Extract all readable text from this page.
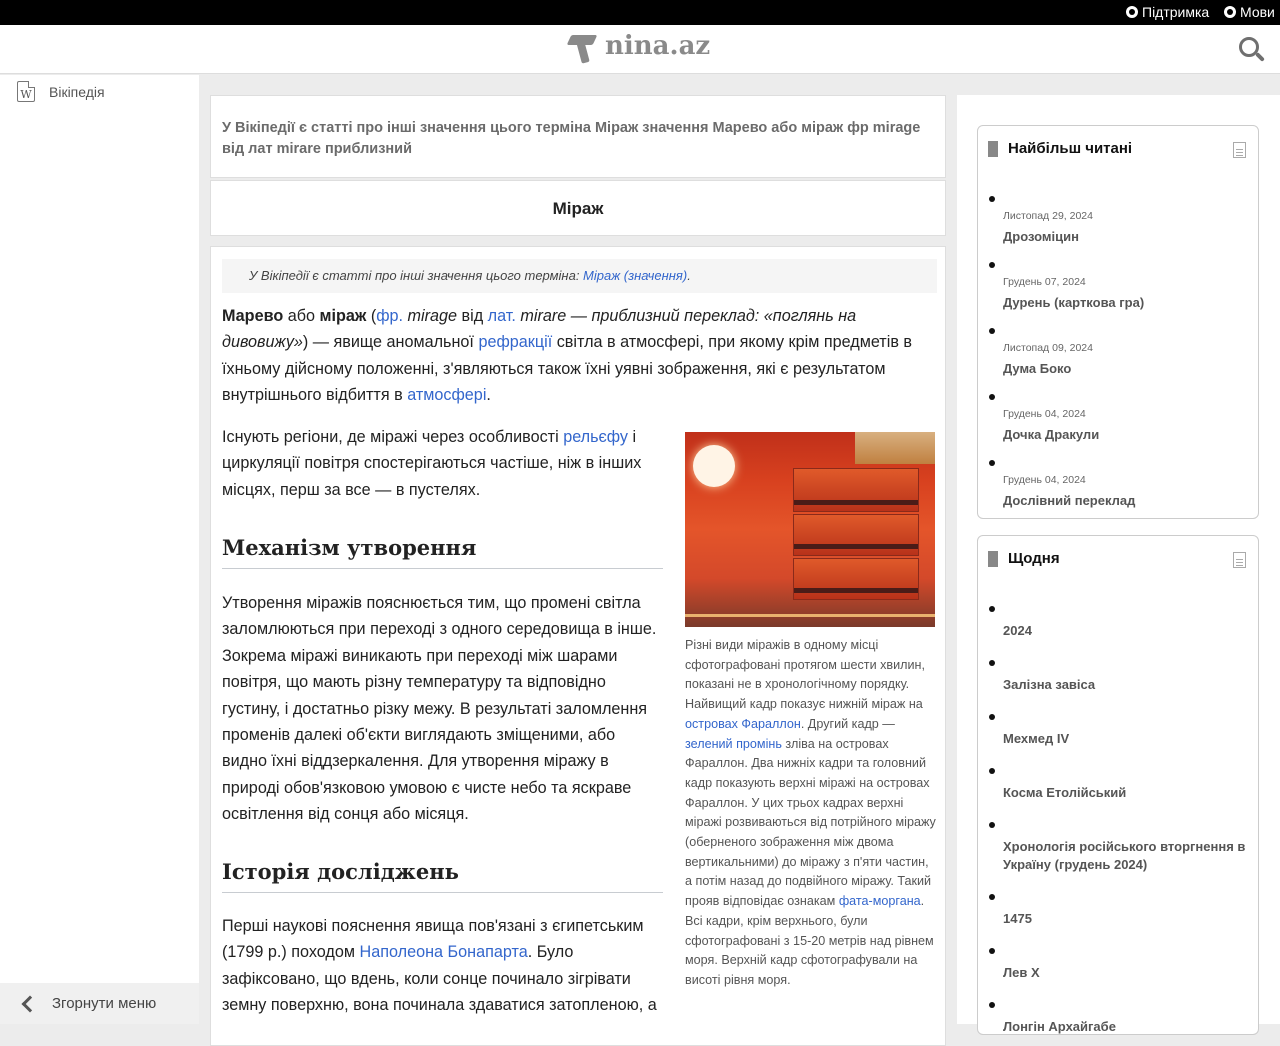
Підтримка Мови
nina.az
W Вікіпедія
Згорнути меню

У Вікіпедії є статті про інші значення цього терміна Міраж значення Марево або міраж фр mirage від лат mirare приблизний

Міраж
У Вікіпедії є статті про інші значення цього терміна: Міраж (значення).
Марево або міраж (фр. mirage від лат. mirare — приблизний переклад: «поглянь на дивовижу») — явище аномальної рефракції світла в атмосфері, при якому крім предметів в їхньому дійсному положенні, з'являються також їхні уявні зображення, які є результатом внутрішнього відбиття в атмосфері.
Існують регіони, де міражі через особливості рельєфу і циркуляції повітря спостерігаються частіше, ніж в інших місцях, перш за все — в пустелях.
Механізм утворення
Утворення міражів пояснюється тим, що промені світла заломлюються при переході з одного середовища в інше. Зокрема міражі виникають при переході між шарами повітря, що мають різну температуру та відповідно густину, і достатньо різку межу. В результаті заломлення променів далекі об'єкти виглядають зміщеними, або видно їхні віддзеркалення. Для утворення міражу в природі обов'язковою умовою є чисте небо та яскраве освітлення від сонця або місяця.
Історія досліджень
Перші наукові пояснення явища пов'язані з єгипетським (1799 р.) походом Наполеона Бонапарта. Було зафіксовано, що вдень, коли сонце починало зігрівати земну поверхню, вона починала здаватися затопленою, а
Різні види міражів в одному місці сфотографовані протягом шести хвилин, показані не в хронологічному порядку. Найвищий кадр показує нижній міраж на островах Фараллон. Другий кадр — зелений промінь зліва на островах Фараллон. Два нижніх кадри та головний кадр показують верхні міражі на островах Фараллон. У цих трьох кадрах верхні міражі розвиваються від потрійного міражу (оберненого зображення між двома вертикальними) до міражу з п'яти частин, а потім назад до подвійного міражу. Такий прояв відповідає ознакам фата-моргана. Всі кадри, крім верхнього, були сфотографовані з 15-20 метрів над рівнем моря. Верхній кадр сфотографували на висоті рівня моря.
Найбільш читані
Листопад 29, 2024
Дрозоміцин
Грудень 07, 2024
Дурень (карткова гра)
Листопад 09, 2024
Дума Боко
Грудень 04, 2024
Дочка Дракули
Грудень 04, 2024
Дослівний переклад
Щодня
2024
Залізна завіса
Мехмед IV
Косма Етолійський
Хронологія російського вторгнення в Україну (грудень 2024)
1475
Лев X
Лонгін Архайгабе
